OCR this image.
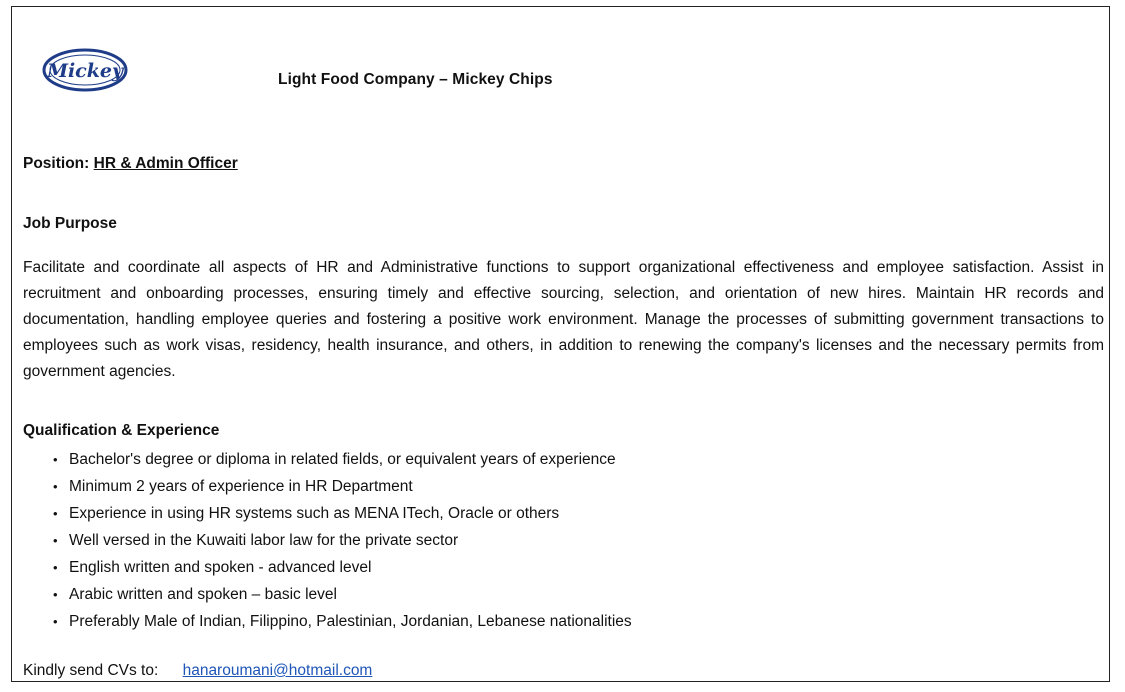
Mickey	Light Food Company – Mickey Chips
Position: HR & Admin Officer
Job Purpose
Facilitate and coordinate all aspects of HR and Administrative functions to support organizational effectiveness and employee satisfaction. Assist in recruitment and onboarding processes, ensuring timely and effective sourcing, selection, and orientation of new hires. Maintain HR records and documentation, handling employee queries and fostering a positive work environment. Manage the processes of submitting government transactions to employees such as work visas, residency, health insurance, and others, in addition to renewing the company's licenses and the necessary permits from government agencies.
Qualification & Experience
• Bachelor's degree or diploma in related fields, or equivalent years of experience
• Minimum 2 years of experience in HR Department
• Experience in using HR systems such as MENA ITech, Oracle or others
• Well versed in the Kuwaiti labor law for the private sector
• English written and spoken - advanced level
• Arabic written and spoken – basic level
• Preferably Male of Indian, Filippino, Palestinian, Jordanian, Lebanese nationalities
Kindly send CVs to: hanaroumani@hotmail.com
